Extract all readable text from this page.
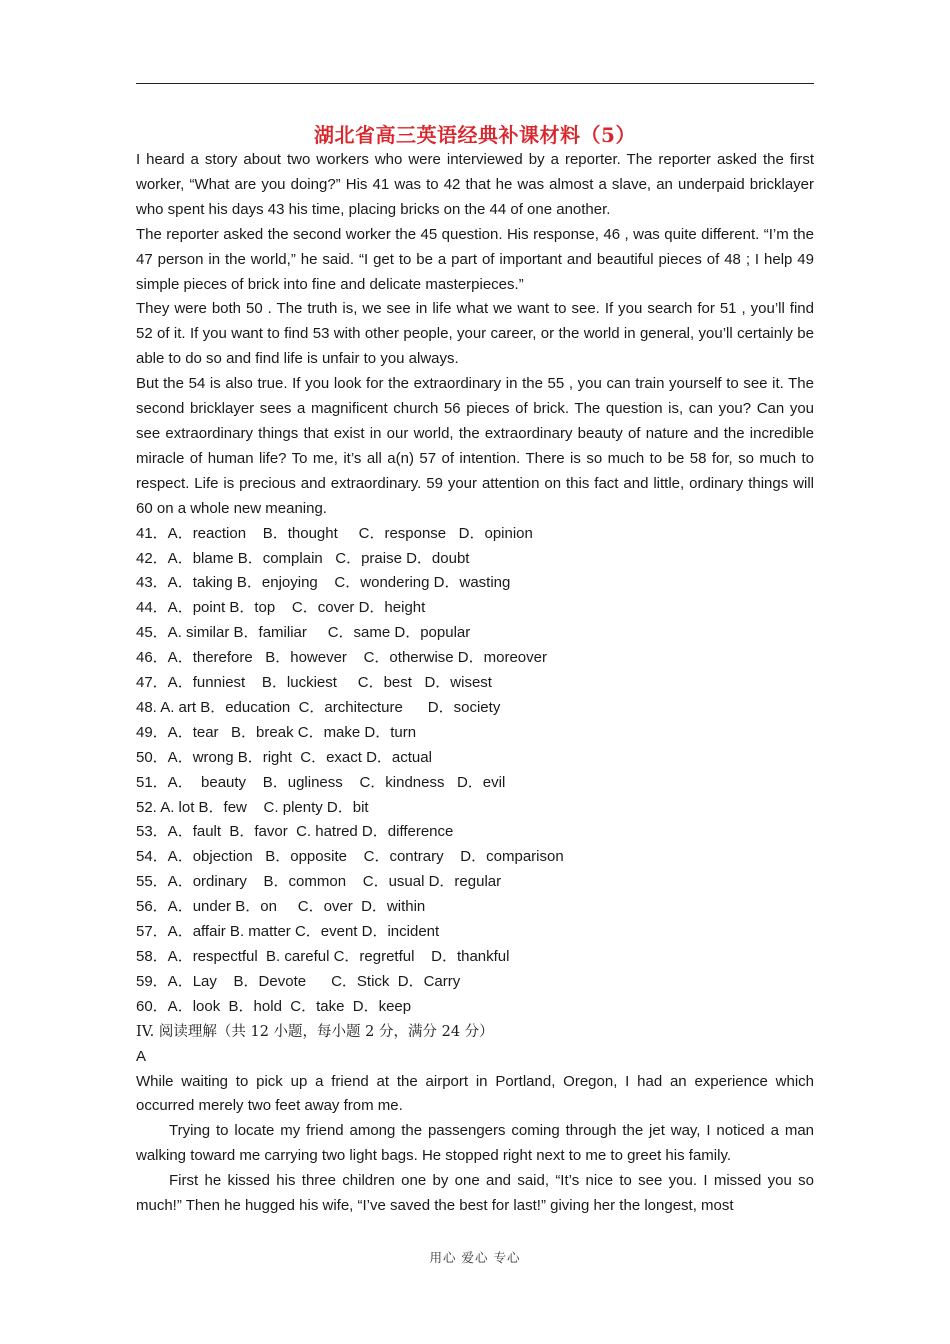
湖北省高三英语经典补课材料（5）

I heard a story about two workers who were interviewed by a reporter. The reporter asked the first worker, “What are you doing?” His 41 was to 42 that he was almost a slave, an underpaid bricklayer who spent his days 43 his time, placing bricks on the 44 of one another.

The reporter asked the second worker the 45 question. His response, 46 , was quite different. “I’m the 47 person in the world,” he said. “I get to be a part of important and beautiful pieces of 48 ; I help 49 simple pieces of brick into fine and delicate masterpieces.”

They were both 50 . The truth is, we see in life what we want to see. If you search for 51 , you’ll find 52 of it. If you want to find 53 with other people, your career, or the world in general, you’ll certainly be able to do so and find life is unfair to you always.

But the 54 is also true. If you look for the extraordinary in the 55 , you can train yourself to see it. The second bricklayer sees a magnificent church 56 pieces of brick. The question is, can you? Can you see extraordinary things that exist in our world, the extraordinary beauty of nature and the incredible miracle of human life? To me, it’s all a(n) 57 of intention. There is so much to be 58 for, so much to respect. Life is precious and extraordinary. 59 your attention on this fact and little, ordinary things will 60 on a whole new meaning.

41．A．reaction    B．thought     C．response   D．opinion

42．A．blame B．complain   C．praise D．doubt

43．A．taking B．enjoying    C．wondering D．wasting

44．A．point B．top    C．cover D．height

45．A. similar B．familiar     C．same D．popular

46．A．therefore   B．however    C．otherwise D．moreover

47．A．funniest    B．luckiest     C．best   D．wisest

48. A. art B．education  C．architecture      D．society

49．A．tear   B．break C．make D．turn

50．A．wrong B．right  C．exact D．actual

51．A．  beauty    B．ugliness    C．kindness   D．evil

52. A. lot B．few    C. plenty D．bit

53．A．fault  B．favor  C. hatred D．difference

54．A．objection   B．opposite    C．contrary    D．comparison

55．A．ordinary    B．common    C．usual D．regular

56．A．under B．on     C．over  D．within

57．A．affair B. matter C．event D．incident

58．A．respectful  B. careful C．regretful    D．thankful

59．A．Lay    B．Devote      C．Stick  D．Carry

60．A．look  B．hold  C．take  D．keep

IV. 阅读理解（共 12 小题，每小题 2 分，满分 24 分）

A

While waiting to pick up a friend at the airport in Portland, Oregon, I had an experience which occurred merely two feet away from me.

Trying to locate my friend among the passengers coming through the jet way, I noticed a man walking toward me carrying two light bags. He stopped right next to me to greet his family.

First he kissed his three children one by one and said, “It’s nice to see you. I missed you so much!” Then he hugged his wife, “I’ve saved the best for last!” giving her the longest, most

用心 爱心 专心
